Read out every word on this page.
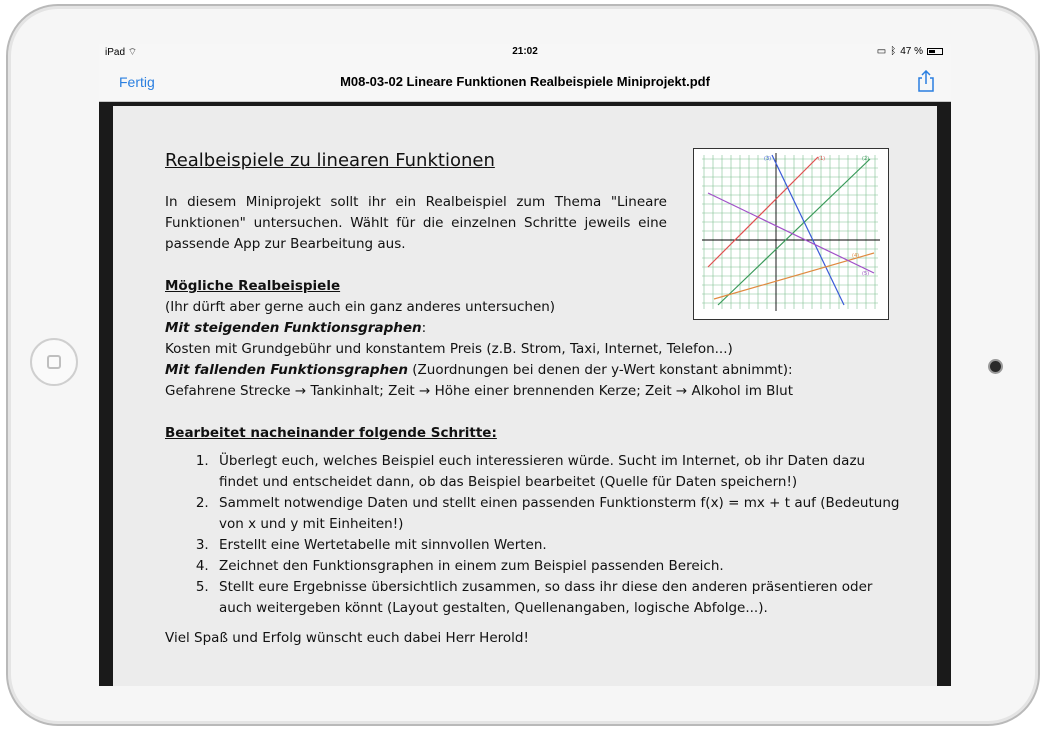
iPad ⌔	21:02	▭ ᛒ 47 %
Fertig	M08-03-02 Lineare Funktionen Realbeispiele Miniprojekt.pdf
Realbeispiele zu linearen Funktionen
In diesem Miniprojekt sollt ihr ein Realbeispiel zum Thema "Lineare Funktionen" untersuchen. Wählt für die einzelnen Schritte jeweils eine passende App zur Bearbeitung aus.
Mögliche Realbeispiele
(Ihr dürft aber gerne auch ein ganz anderes untersuchen)
Mit steigenden Funktionsgraphen:
Kosten mit Grundgebühr und konstantem Preis (z.B. Strom, Taxi, Internet, Telefon...)
Mit fallenden Funktionsgraphen (Zuordnungen bei denen der y-Wert konstant abnimmt):
Gefahrene Strecke → Tankinhalt; Zeit → Höhe einer brennenden Kerze; Zeit → Alkohol im Blut
Bearbeitet nacheinander folgende Schritte:
1. Überlegt euch, welches Beispiel euch interessieren würde. Sucht im Internet, ob ihr Daten dazu findet und entscheidet dann, ob das Beispiel bearbeitet (Quelle für Daten speichern!)
2. Sammelt notwendige Daten und stellt einen passenden Funktionsterm f(x) = mx + t auf (Bedeutung von x und y mit Einheiten!)
3. Erstellt eine Wertetabelle mit sinnvollen Werten.
4. Zeichnet den Funktionsgraphen in einem zum Beispiel passenden Bereich.
5. Stellt eure Ergebnisse übersichtlich zusammen, so dass ihr diese den anderen präsentieren oder auch weitergeben könnt (Layout gestalten, Quellenangaben, logische Abfolge...).
Viel Spaß und Erfolg wünscht euch dabei Herr Herold!
(1)	(2)
(3)
(4)
(5)
